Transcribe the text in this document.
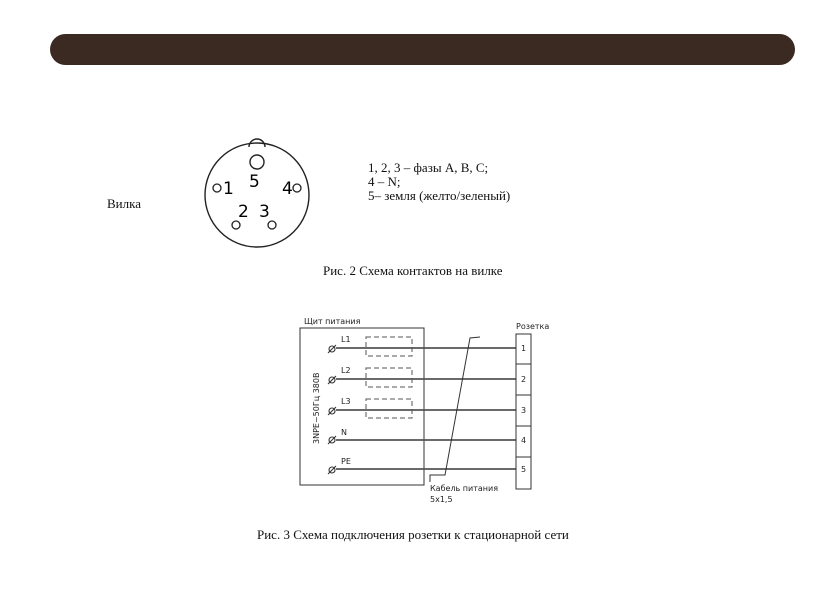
Вилка
5
1	4
2 3
1, 2, 3 – фазы A, B, C;
4 – N;
5– земля (желто/зеленый)
Рис. 2 Схема контактов на вилке
Щит питания
3NPE~50Гц 380В
L1
L2
L3
N
PE
Кабель питания
5x1,5
Розетка
1
2
3
4
5
Рис. 3 Схема подключения розетки к стационарной сети
